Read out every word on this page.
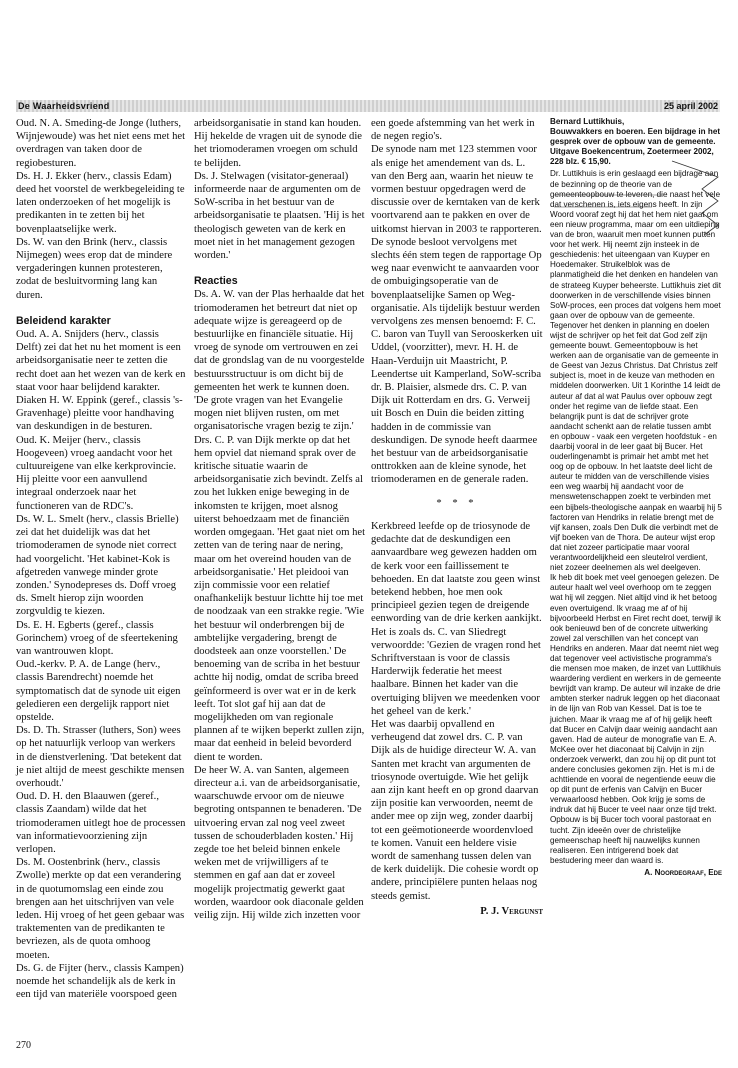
De Waarheidsvriend	25 april 2002

Oud. N. A. Smeding-de Jonge (luthers, Wijnjewoude) was het niet eens met het overdragen van taken door de regiobesturen.

Ds. H. J. Ekker (herv., classis Edam) deed het voorstel de werkbegeleiding te laten onderzoeken of het mogelijk is predikanten in te zetten bij het bovenplaatselijke werk.

Ds. W. van den Brink (herv., classis Nijmegen) wees erop dat de mindere vergaderingen kunnen protesteren, zodat de besluitvorming lang kan duren.

Beleidend karakter

Oud. A. A. Snijders (herv., classis Delft) zei dat het nu het moment is een arbeidsorganisatie neer te zetten die recht doet aan het wezen van de kerk en staat voor haar belijdend karakter.

Diaken H. W. Eppink (geref., classis 's-Gravenhage) pleitte voor handhaving van deskundigen in de besturen.

Oud. K. Meijer (herv., classis Hoogeveen) vroeg aandacht voor het cultuureigene van elke kerkprovincie. Hij pleitte voor een aanvullend integraal onderzoek naar het functioneren van de RDC's.

Ds. W. L. Smelt (herv., classis Brielle) zei dat het duidelijk was dat het triomoderamen de synode niet correct had voorgelicht. 'Het kabinet-Kok is afgetreden vanwege minder grote zonden.' Synodepreses ds. Doff vroeg ds. Smelt hierop zijn woorden zorgvuldig te kiezen.

Ds. E. H. Egberts (geref., classis Gorinchem) vroeg of de sfeertekening van wantrouwen klopt.

Oud.-kerkv. P. A. de Lange (herv., classis Barendrecht) noemde het symptomatisch dat de synode uit eigen geledieren een dergelijk rapport niet opstelde.

Ds. D. Th. Strasser (luthers, Son) wees op het natuurlijk verloop van werkers in de dienstverlening. 'Dat betekent dat je niet altijd de meest geschikte mensen overhoudt.'

Oud. D. H. den Blaauwen (geref., classis Zaandam) wilde dat het triomoderamen uitlegt hoe de processen van informatievoorziening zijn verlopen.

Ds. M. Oostenbrink (herv., classis Zwolle) merkte op dat een verandering in de quotumomslag een einde zou brengen aan het uitschrijven van vele leden. Hij vroeg of het geen gebaar was traktementen van de predikanten te bevriezen, als de quota omhoog moeten.

Ds. G. de Fijter (herv., classis Kampen) noemde het schandelijk als de kerk in een tijd van materiële voorspoed geen

arbeidsorganisatie in stand kan houden. Hij hekelde de vragen uit de synode die het triomoderamen vroegen om schuld te belijden.

Ds. J. Stelwagen (visitator-generaal) informeerde naar de argumenten om de SoW-scriba in het bestuur van de arbeidsorganisatie te plaatsen. 'Hij is het theologisch geweten van de kerk en moet niet in het management gezogen worden.'

Reacties

Ds. A. W. van der Plas herhaalde dat het triomoderamen het betreurt dat niet op adequate wijze is gereageerd op de bestuurlijke en financiële situatie. Hij vroeg de synode om vertrouwen en zei dat de grondslag van de nu voorgestelde bestuursstructuur is om dicht bij de gemeenten het werk te kunnen doen. 'De grote vragen van het Evangelie mogen niet blijven rusten, om met organisatorische vragen bezig te zijn.'

Drs. C. P. van Dijk merkte op dat het hem opviel dat niemand sprak over de kritische situatie waarin de arbeidsorganisatie zich bevindt. Zelfs al zou het lukken enige beweging in de inkomsten te krijgen, moet alsnog uiterst behoedzaam met de financiën worden omgegaan. 'Het gaat niet om het zetten van de tering naar de nering, maar om het overeind houden van de arbeidsorganisatie.' Het pleidooi van zijn commissie voor een relatief onafhankelijk bestuur lichtte hij toe met de noodzaak van een strakke regie. 'Wie het bestuur wil onderbrengen bij de ambtelijke vergadering, brengt de doodsteek aan onze voorstellen.' De benoeming van de scriba in het bestuur achtte hij nodig, omdat de scriba breed geïnformeerd is over wat er in de kerk leeft. Tot slot gaf hij aan dat de mogelijkheden om van regionale plannen af te wijken beperkt zullen zijn, maar dat eenheid in beleid bevorderd dient te worden.

De heer W. A. van Santen, algemeen directeur a.i. van de arbeidsorganisatie, waarschuwde ervoor om de nieuwe begroting ontspannen te benaderen. 'De uitvoering ervan zal nog veel zweet tussen de schouderbladen kosten.' Hij zegde toe het beleid binnen enkele weken met de vrijwilligers af te stemmen en gaf aan dat er zoveel mogelijk projectmatig gewerkt gaat worden, waardoor ook diaconale gelden veilig zijn. Hij wilde zich inzetten voor

een goede afstemming van het werk in de negen regio's.

De synode nam met 123 stemmen voor als enige het amendement van ds. L. van den Berg aan, waarin het nieuw te vormen bestuur opgedragen werd de discussie over de kerntaken van de kerk voortvarend aan te pakken en over de uitkomst hiervan in 2003 te rapporteren.

De synode besloot vervolgens met slechts één stem tegen de rapportage Op weg naar evenwicht te aanvaarden voor de ombuigingsoperatie van de bovenplaatselijke Samen op Weg-organisatie. Als tijdelijk bestuur werden vervolgens zes mensen benoemd: F. C. C. baron van Tuyll van Serooskerken uit Uddel, (voorzitter), mevr. H. H. de Haan-Verduijn uit Maastricht, P. Leendertse uit Kamperland, SoW-scriba dr. B. Plaisier, alsmede drs. C. P. van Dijk uit Rotterdam en drs. G. Verweij uit Bosch en Duin die beiden zitting hadden in de commissie van deskundigen. De synode heeft daarmee het bestuur van de arbeidsorganisatie onttrokken aan de kleine synode, het triomoderamen en de generale raden.

* * *

Kerkbreed leefde op de triosynode de gedachte dat de deskundigen een aanvaardbare weg gewezen hadden om de kerk voor een faillissement te behoeden. En dat laatste zou geen winst betekend hebben, hoe men ook principieel gezien tegen de dreigende eenwording van de drie kerken aankijkt. Het is zoals ds. C. van Sliedregt verwoordde: 'Gezien de vragen rond het Schriftverstaan is voor de classis Harderwijk federatie het meest haalbare. Binnen het kader van die overtuiging blijven we meedenken voor het geheel van de kerk.'

Het was daarbij opvallend en verheugend dat zowel drs. C. P. van Dijk als de huidige directeur W. A. van Santen met kracht van argumenten de triosynode overtuigde. Wie het gelijk aan zijn kant heeft en op grond daarvan zijn positie kan verwoorden, neemt de ander mee op zijn weg, zonder daarbij tot een geëmotioneerde woordenvloed te komen. Vanuit een heldere visie wordt de samenhang tussen delen van de kerk duidelijk. Die cohesie wordt op andere, principiëlere punten helaas nog steeds gemist.

P. J. Vergunst

Bernard Luttikhuis,
Bouwvakkers en boeren. Een bijdrage in het gesprek over de opbouw van de gemeente.
Uitgave Boekencentrum, Zoetermeer 2002, 228 blz. € 15,90.

Dr. Luttikhuis is erin geslaagd een bijdrage aan de bezinning op de theorie van de gemeenteopbouw te leveren, die naast het vele dat verschenen is, iets eigens heeft. In zijn Woord vooraf zegt hij dat het hem niet gaat om een nieuw programma, maar om een uitdieping van de bron, waaruit men moet kunnen putten voor het werk. Hij neemt zijn insteek in de geschiedenis: het uiteengaan van Kuyper en Hoedemaker. Struikelblok was de planmatigheid die het denken en handelen van de strateeg Kuyper beheerste. Luttikhuis ziet dit doorwerken in de verschillende visies binnen SoW-proces, een proces dat volgens hem moet gaan over de opbouw van de gemeente.

Tegenover het denken in planning en doelen wijst de schrijver op het feit dat God zelf zijn gemeente bouwt. Gemeentopbouw is het werken aan de organisatie van de gemeente in de Geest van Jezus Christus. Dat Christus zelf subject is, moet in de keuze van methoden en middelen doorwerken. Uit 1 Korinthe 14 leidt de auteur af dat al wat Paulus over opbouw zegt onder het regime van de liefde staat. Een belangrijk punt is dat de schrijver grote aandacht schenkt aan de relatie tussen ambt en opbouw - vaak een vergeten hoofdstuk - en daarbij vooral in de leer gaat bij Bucer. Het ouderlingenambt is primair het ambt met het oog op de opbouw. In het laatste deel licht de auteur te midden van de verschillende visies een weg waarbij hij aandacht voor de menswetenschappen zoekt te verbinden met een bijbels-theologische aanpak en waarbij hij 5 factoren van Hendriks in relatie brengt met de vijf kansen, zoals Den Dulk die verbindt met de vijf boeken van de Thora. De auteur wijst erop dat niet zozeer participatie maar vooral verantwoordelijkheid een sleutelrol verdient, niet zozeer deelnemen als wel deelgeven.

Ik heb dit boek met veel genoegen gelezen. De auteur haalt wel veel overhoop om te zeggen wat hij wil zeggen. Niet altijd vind ik het betoog even overtuigend. Ik vraag me af of hij bijvoorbeeld Herbst en Firet recht doet, terwijl ik ook benieuwd ben of de concrete uitwerking zowel zal verschillen van het concept van Hendriks en anderen. Maar dat neemt niet weg dat tegenover veel activistische programma's die mensen moe maken, de inzet van Luttikhuis waardering verdient en werkers in de gemeente bevrijdt van kramp. De auteur wil inzake de drie ambten sterker nadruk leggen op het diaconaat in de lijn van Rob van Kessel. Dat is toe te juichen. Maar ik vraag me af of hij gelijk heeft dat Bucer en Calvijn daar weinig aandacht aan gaven. Had de auteur de monografie van E. A. McKee over het diaconaat bij Calvijn in zijn onderzoek verwerkt, dan zou hij op dit punt tot andere conclusies gekomen zijn. Het is m.i de achttiende en vooral de negentiende eeuw die op dit punt de erfenis van Calvijn en Bucer verwaarloosd hebben. Ook krijg je soms de indruk dat hij Bucer te veel naar onze tijd trekt. Opbouw is bij Bucer toch vooral pastoraat en tucht. Zijn ideeën over de christelijke gemeenschap heeft hij nauwelijks kunnen realiseren. Een intrigerend boek dat bestudering meer dan waard is.

A. Noordegraaf, Ede

270
